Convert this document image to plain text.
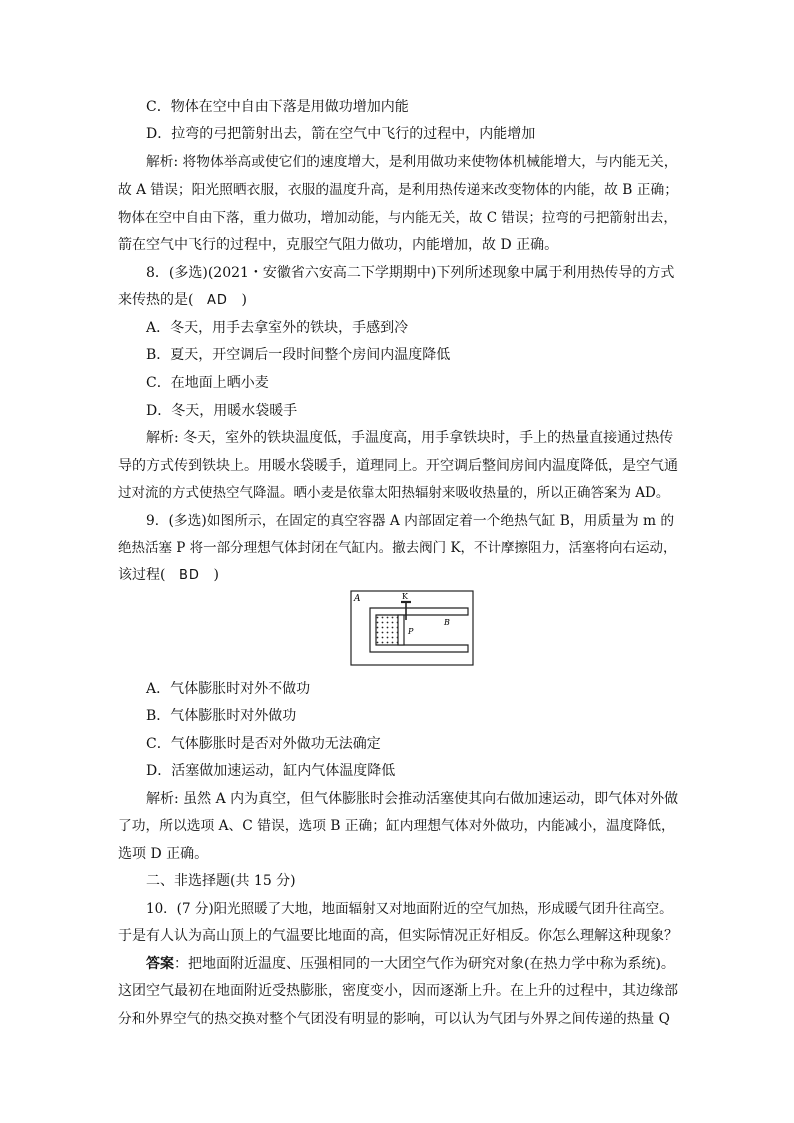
C．物体在空中自由下落是用做功增加内能
D．拉弯的弓把箭射出去，箭在空气中飞行的过程中，内能增加
解析: 将物体举高或使它们的速度增大，是利用做功来使物体机械能增大，与内能无关，
故 A 错误；阳光照晒衣服，衣服的温度升高，是利用热传递来改变物体的内能，故 B 正确；
物体在空中自由下落，重力做功，增加动能，与内能无关，故 C 错误；拉弯的弓把箭射出去，
箭在空气中飞行的过程中，克服空气阻力做功，内能增加，故 D 正确。
8．(多选)(2021・安徽省六安高二下学期期中)下列所述现象中属于利用热传导的方式
来传热的是( AD )
A．冬天，用手去拿室外的铁块，手感到冷
B．夏天，开空调后一段时间整个房间内温度降低
C．在地面上晒小麦
D．冬天，用暖水袋暖手
解析: 冬天，室外的铁块温度低，手温度高，用手拿铁块时，手上的热量直接通过热传
导的方式传到铁块上。用暖水袋暖手，道理同上。开空调后整间房间内温度降低，是空气通
过对流的方式使热空气降温。晒小麦是依靠太阳热辐射来吸收热量的，所以正确答案为 AD。
9．(多选)如图所示，在固定的真空容器 A 内部固定着一个绝热气缸 B，用质量为 m 的
绝热活塞 P 将一部分理想气体封闭在气缸内。撤去阀门 K，不计摩擦阻力，活塞将向右运动，
该过程( BD )
A	K
P
B
A．气体膨胀时对外不做功
B．气体膨胀时对外做功
C．气体膨胀时是否对外做功无法确定
D．活塞做加速运动，缸内气体温度降低
解析: 虽然 A 内为真空，但气体膨胀时会推动活塞使其向右做加速运动，即气体对外做
了功，所以选项 A、C 错误，选项 B 正确；缸内理想气体对外做功，内能减小，温度降低，
选项 D 正确。
二、非选择题(共 15 分)
10．(7 分)阳光照暖了大地，地面辐射又对地面附近的空气加热，形成暖气团升往高空。
于是有人认为高山顶上的气温要比地面的高，但实际情况正好相反。你怎么理解这种现象？
答案：把地面附近温度、压强相同的一大团空气作为研究对象(在热力学中称为系统)。
这团空气最初在地面附近受热膨胀，密度变小，因而逐渐上升。在上升的过程中，其边缘部
分和外界空气的热交换对整个气团没有明显的影响，可以认为气团与外界之间传递的热量 Q
